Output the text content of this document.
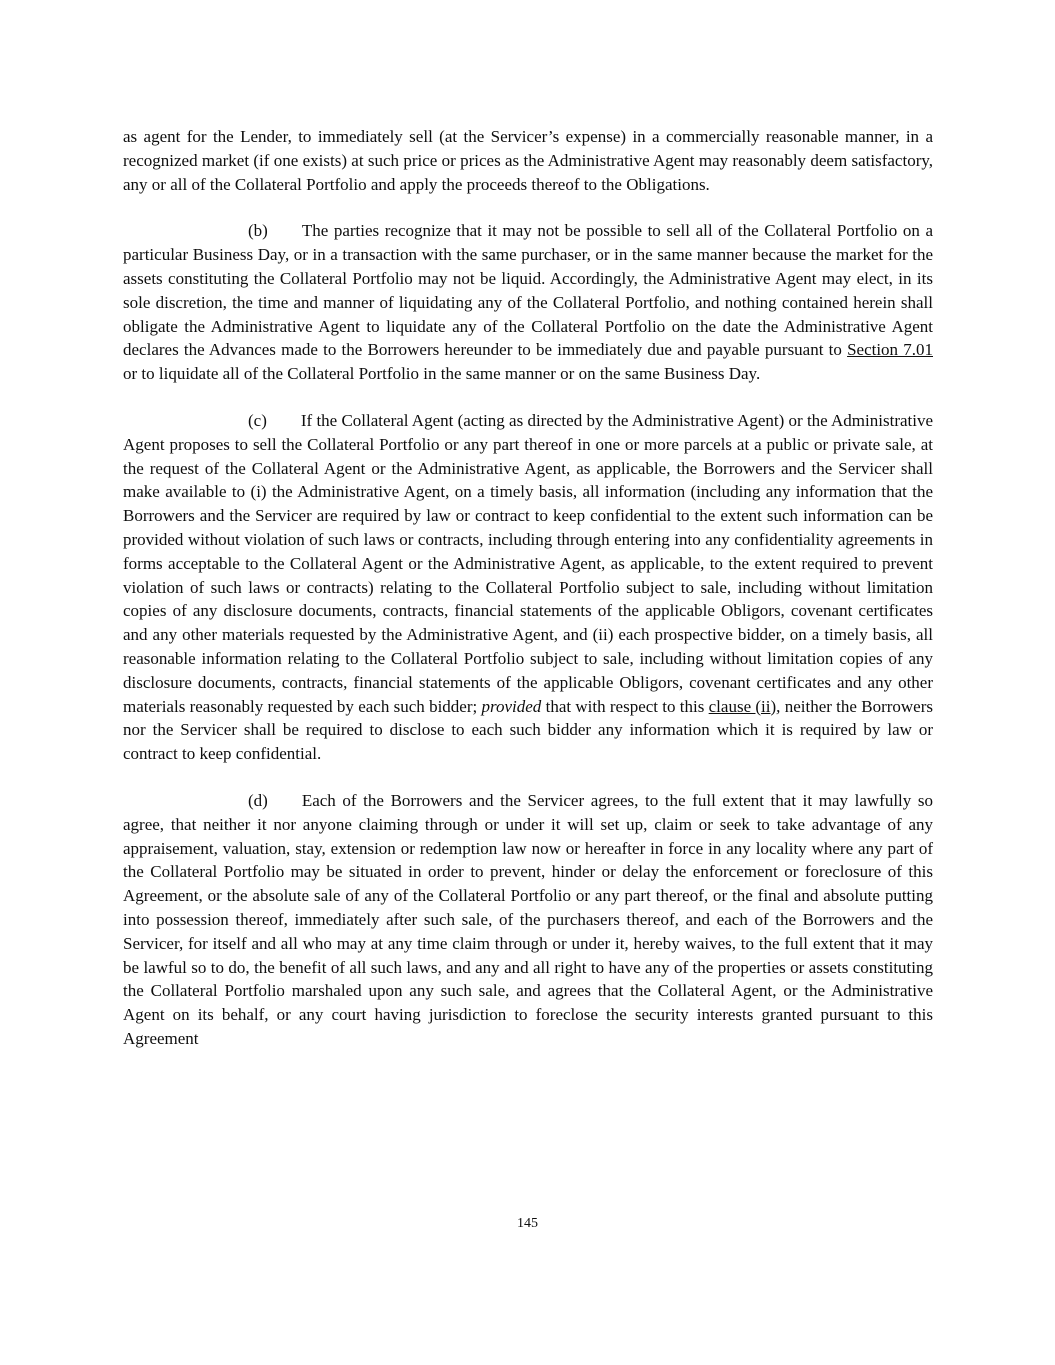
as agent for the Lender, to immediately sell (at the Servicer’s expense) in a commercially reasonable manner, in a recognized market (if one exists) at such price or prices as the Administrative Agent may reasonably deem satisfactory, any or all of the Collateral Portfolio and apply the proceeds thereof to the Obligations.

(b) The parties recognize that it may not be possible to sell all of the Collateral Portfolio on a particular Business Day, or in a transaction with the same purchaser, or in the same manner because the market for the assets constituting the Collateral Portfolio may not be liquid. Accordingly, the Administrative Agent may elect, in its sole discretion, the time and manner of liquidating any of the Collateral Portfolio, and nothing contained herein shall obligate the Administrative Agent to liquidate any of the Collateral Portfolio on the date the Administrative Agent declares the Advances made to the Borrowers hereunder to be immediately due and payable pursuant to Section 7.01 or to liquidate all of the Collateral Portfolio in the same manner or on the same Business Day.

(c) If the Collateral Agent (acting as directed by the Administrative Agent) or the Administrative Agent proposes to sell the Collateral Portfolio or any part thereof in one or more parcels at a public or private sale, at the request of the Collateral Agent or the Administrative Agent, as applicable, the Borrowers and the Servicer shall make available to (i) the Administrative Agent, on a timely basis, all information (including any information that the Borrowers and the Servicer are required by law or contract to keep confidential to the extent such information can be provided without violation of such laws or contracts, including through entering into any confidentiality agreements in forms acceptable to the Collateral Agent or the Administrative Agent, as applicable, to the extent required to prevent violation of such laws or contracts) relating to the Collateral Portfolio subject to sale, including without limitation copies of any disclosure documents, contracts, financial statements of the applicable Obligors, covenant certificates and any other materials requested by the Administrative Agent, and (ii) each prospective bidder, on a timely basis, all reasonable information relating to the Collateral Portfolio subject to sale, including without limitation copies of any disclosure documents, contracts, financial statements of the applicable Obligors, covenant certificates and any other materials reasonably requested by each such bidder; provided that with respect to this clause (ii), neither the Borrowers nor the Servicer shall be required to disclose to each such bidder any information which it is required by law or contract to keep confidential.

(d) Each of the Borrowers and the Servicer agrees, to the full extent that it may lawfully so agree, that neither it nor anyone claiming through or under it will set up, claim or seek to take advantage of any appraisement, valuation, stay, extension or redemption law now or hereafter in force in any locality where any part of the Collateral Portfolio may be situated in order to prevent, hinder or delay the enforcement or foreclosure of this Agreement, or the absolute sale of any of the Collateral Portfolio or any part thereof, or the final and absolute putting into possession thereof, immediately after such sale, of the purchasers thereof, and each of the Borrowers and the Servicer, for itself and all who may at any time claim through or under it, hereby waives, to the full extent that it may be lawful so to do, the benefit of all such laws, and any and all right to have any of the properties or assets constituting the Collateral Portfolio marshaled upon any such sale, and agrees that the Collateral Agent, or the Administrative Agent on its behalf, or any court having jurisdiction to foreclose the security interests granted pursuant to this Agreement

145
